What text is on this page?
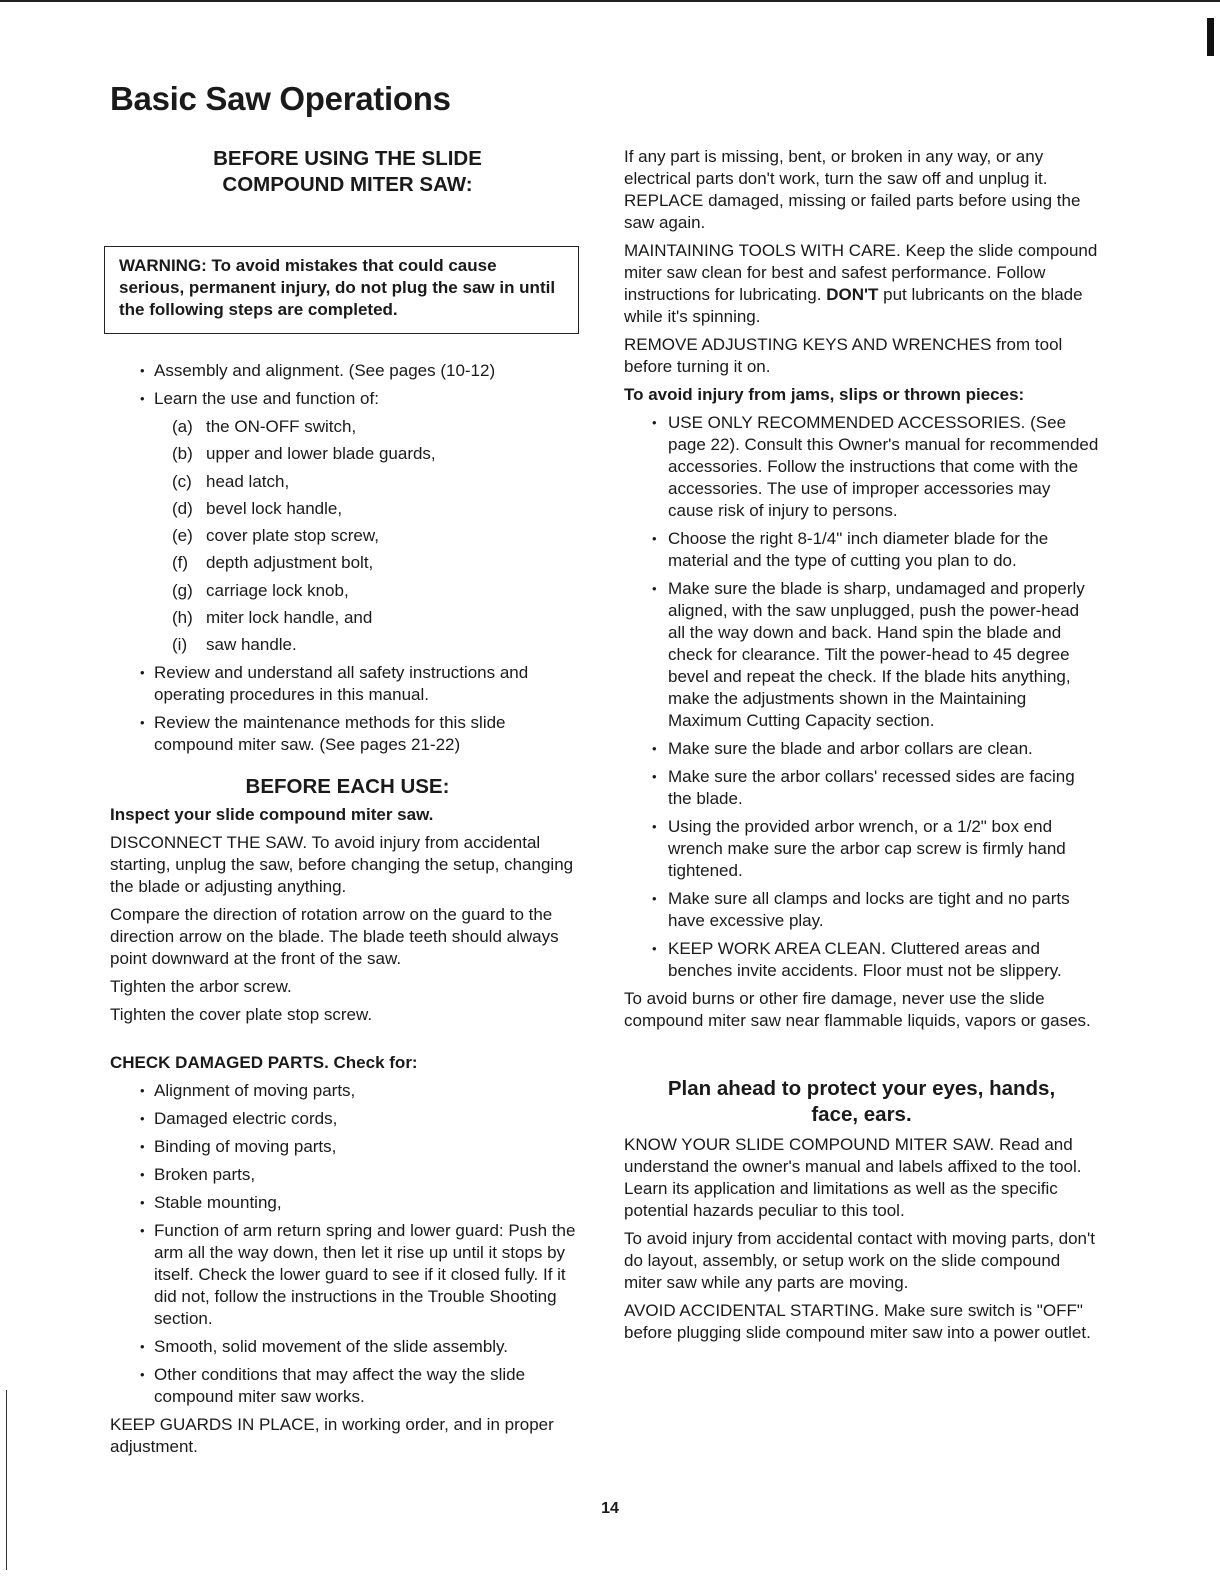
Basic Saw Operations
BEFORE USING THE SLIDE
COMPOUND MITER SAW:
WARNING: To avoid mistakes that could cause serious, permanent injury, do not plug the saw in until the following steps are completed.
• Assembly and alignment. (See pages (10-12)
• Learn the use and function of:
(a) the ON-OFF switch,
(b) upper and lower blade guards,
(c) head latch,
(d) bevel lock handle,
(e) cover plate stop screw,
(f) depth adjustment bolt,
(g) carriage lock knob,
(h) miter lock handle, and
(i) saw handle.
• Review and understand all safety instructions and operating procedures in this manual.
• Review the maintenance methods for this slide compound miter saw. (See pages 21-22)
BEFORE EACH USE:

Inspect your slide compound miter saw.

DISCONNECT THE SAW. To avoid injury from accidental starting, unplug the saw, before changing the setup, changing the blade or adjusting anything.

Compare the direction of rotation arrow on the guard to the direction arrow on the blade. The blade teeth should always point downward at the front of the saw.

Tighten the arbor screw.

Tighten the cover plate stop screw.

CHECK DAMAGED PARTS. Check for:

• Alignment of moving parts,
• Damaged electric cords,
• Binding of moving parts,
• Broken parts,
• Stable mounting,
• Function of arm return spring and lower guard: Push the arm all the way down, then let it rise up until it stops by itself. Check the lower guard to see if it closed fully. If it did not, follow the instructions in the Trouble Shooting section.
• Smooth, solid movement of the slide assembly.
• Other conditions that may affect the way the slide compound miter saw works.

KEEP GUARDS IN PLACE, in working order, and in proper adjustment.

If any part is missing, bent, or broken in any way, or any electrical parts don't work, turn the saw off and unplug it. REPLACE damaged, missing or failed parts before using the saw again.

MAINTAINING TOOLS WITH CARE. Keep the slide compound miter saw clean for best and safest performance. Follow instructions for lubricating. DON'T put lubricants on the blade while it's spinning.

REMOVE ADJUSTING KEYS AND WRENCHES from tool before turning it on.

To avoid injury from jams, slips or thrown pieces:

• USE ONLY RECOMMENDED ACCESSORIES. (See page 22). Consult this Owner's manual for recommended accessories. Follow the instructions that come with the accessories. The use of improper accessories may cause risk of injury to persons.
• Choose the right 8-1/4" inch diameter blade for the material and the type of cutting you plan to do.
• Make sure the blade is sharp, undamaged and properly aligned, with the saw unplugged, push the power-head all the way down and back. Hand spin the blade and check for clearance. Tilt the power-head to 45 degree bevel and repeat the check. If the blade hits anything, make the adjustments shown in the Maintaining Maximum Cutting Capacity section.
• Make sure the blade and arbor collars are clean.
• Make sure the arbor collars' recessed sides are facing the blade.
• Using the provided arbor wrench, or a 1/2" box end wrench make sure the arbor cap screw is firmly hand tightened.
• Make sure all clamps and locks are tight and no parts have excessive play.
• KEEP WORK AREA CLEAN. Cluttered areas and benches invite accidents. Floor must not be slippery.

To avoid burns or other fire damage, never use the slide compound miter saw near flammable liquids, vapors or gases.

Plan ahead to protect your eyes, hands,
face, ears.

KNOW YOUR SLIDE COMPOUND MITER SAW. Read and understand the owner's manual and labels affixed to the tool. Learn its application and limitations as well as the specific potential hazards peculiar to this tool.

To avoid injury from accidental contact with moving parts, don't do layout, assembly, or setup work on the slide compound miter saw while any parts are moving.

AVOID ACCIDENTAL STARTING. Make sure switch is "OFF" before plugging slide compound miter saw into a power outlet.

14
